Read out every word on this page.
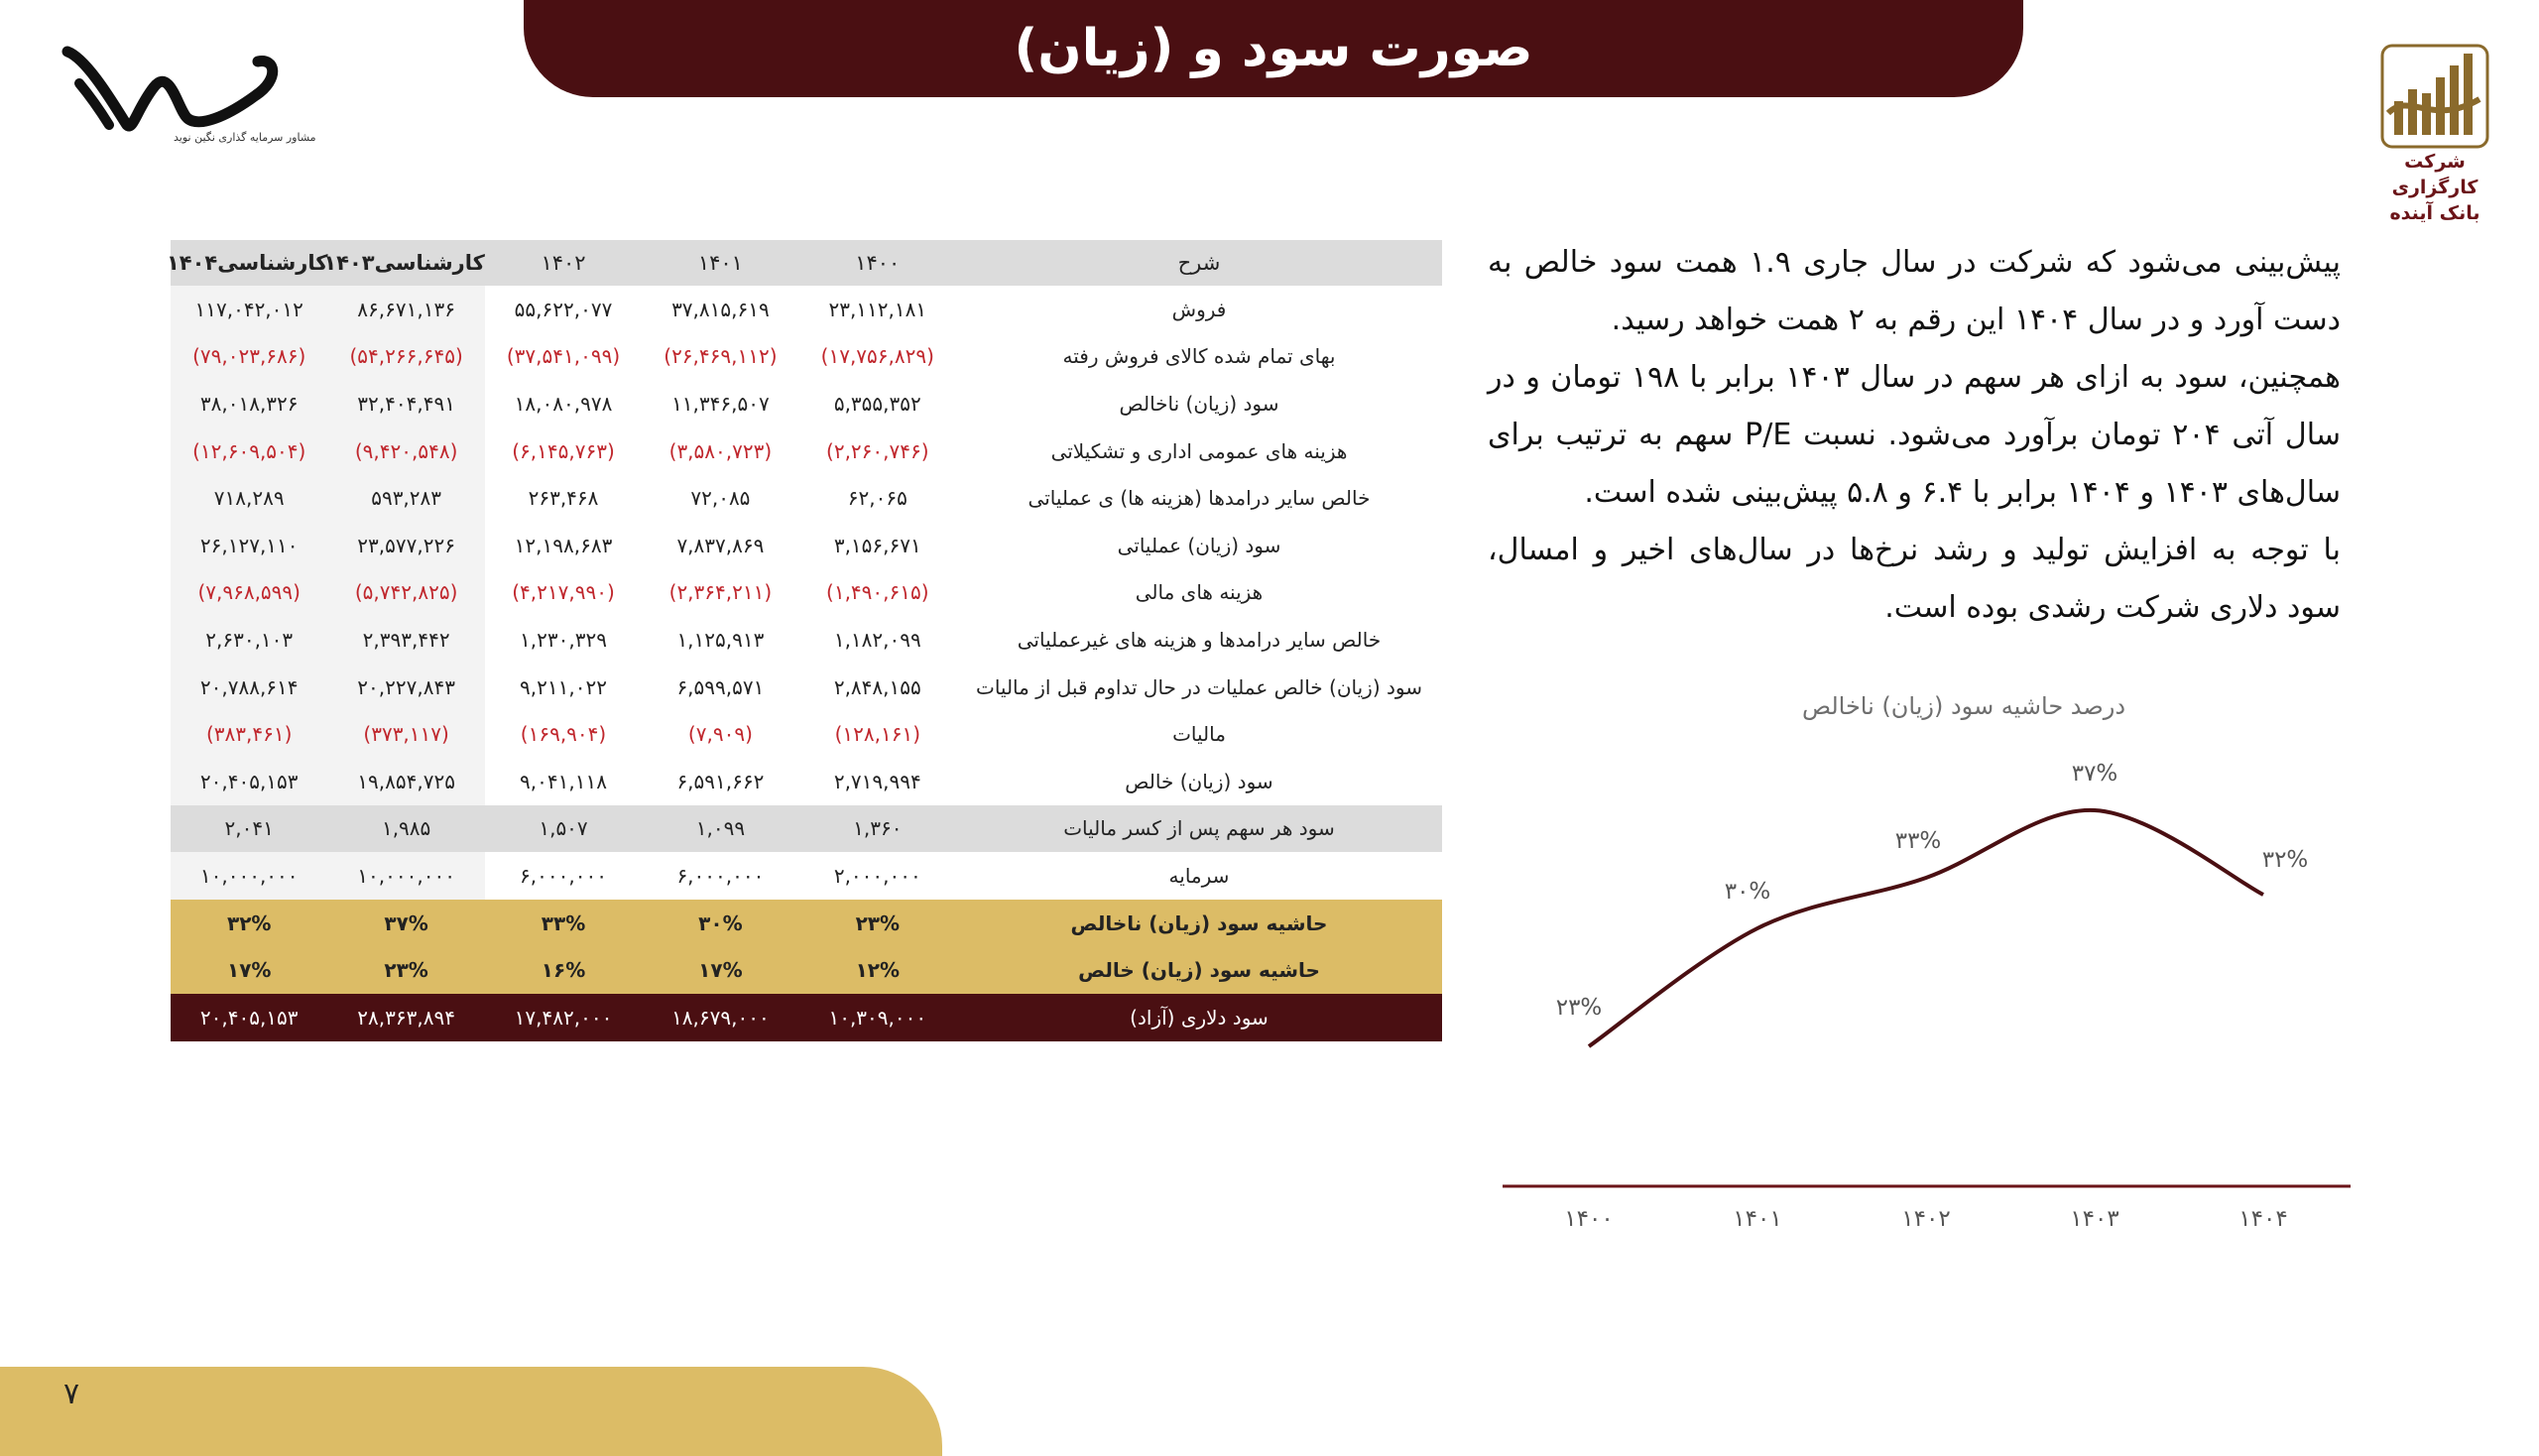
صورت سود و (زیان)
مشاور سرمایه گذاری نگین نوید
شرکت کارگزاری
بانک آینده
شرح	۱۴۰۰	۱۴۰۱	۱۴۰۲	کارشناسی۱۴۰۳	کارشناسی۱۴۰۴
فروش	۲۳,۱۱۲,۱۸۱	۳۷,۸۱۵,۶۱۹	۵۵,۶۲۲,۰۷۷	۸۶,۶۷۱,۱۳۶	۱۱۷,۰۴۲,۰۱۲
بهای تمام شده کالای فروش رفته	(۱۷,۷۵۶,۸۲۹)	(۲۶,۴۶۹,۱۱۲)	(۳۷,۵۴۱,۰۹۹)	(۵۴,۲۶۶,۶۴۵)	(۷۹,۰۲۳,۶۸۶)
سود (زیان) ناخالص	۵,۳۵۵,۳۵۲	۱۱,۳۴۶,۵۰۷	۱۸,۰۸۰,۹۷۸	۳۲,۴۰۴,۴۹۱	۳۸,۰۱۸,۳۲۶
هزینه های عمومی اداری و تشکیلاتی	(۲,۲۶۰,۷۴۶)	(۳,۵۸۰,۷۲۳)	(۶,۱۴۵,۷۶۳)	(۹,۴۲۰,۵۴۸)	(۱۲,۶۰۹,۵۰۴)
خالص سایر درامدها (هزینه ها) ی عملیاتی	۶۲,۰۶۵	۷۲,۰۸۵	۲۶۳,۴۶۸	۵۹۳,۲۸۳	۷۱۸,۲۸۹
سود (زیان) عملیاتی	۳,۱۵۶,۶۷۱	۷,۸۳۷,۸۶۹	۱۲,۱۹۸,۶۸۳	۲۳,۵۷۷,۲۲۶	۲۶,۱۲۷,۱۱۰
هزینه های مالی	(۱,۴۹۰,۶۱۵)	(۲,۳۶۴,۲۱۱)	(۴,۲۱۷,۹۹۰)	(۵,۷۴۲,۸۲۵)	(۷,۹۶۸,۵۹۹)
خالص سایر درامدها و هزینه های غیرعملیاتی	۱,۱۸۲,۰۹۹	۱,۱۲۵,۹۱۳	۱,۲۳۰,۳۲۹	۲,۳۹۳,۴۴۲	۲,۶۳۰,۱۰۳
سود (زیان) خالص عملیات در حال تداوم قبل از مالیات	۲,۸۴۸,۱۵۵	۶,۵۹۹,۵۷۱	۹,۲۱۱,۰۲۲	۲۰,۲۲۷,۸۴۳	۲۰,۷۸۸,۶۱۴
مالیات	(۱۲۸,۱۶۱)	(۷,۹۰۹)	(۱۶۹,۹۰۴)	(۳۷۳,۱۱۷)	(۳۸۳,۴۶۱)
سود (زیان) خالص	۲,۷۱۹,۹۹۴	۶,۵۹۱,۶۶۲	۹,۰۴۱,۱۱۸	۱۹,۸۵۴,۷۲۵	۲۰,۴۰۵,۱۵۳
سود هر سهم پس از کسر مالیات	۱,۳۶۰	۱,۰۹۹	۱,۵۰۷	۱,۹۸۵	۲,۰۴۱
سرمایه	۲,۰۰۰,۰۰۰	۶,۰۰۰,۰۰۰	۶,۰۰۰,۰۰۰	۱۰,۰۰۰,۰۰۰	۱۰,۰۰۰,۰۰۰
حاشیه سود (زیان) ناخالص	۲۳%	۳۰%	۳۳%	۳۷%	۳۲%
حاشیه سود (زیان) خالص	۱۲%	۱۷%	۱۶%	۲۳%	۱۷%
سود دلاری (آزاد)	۱۰,۳۰۹,۰۰۰	۱۸,۶۷۹,۰۰۰	۱۷,۴۸۲,۰۰۰	۲۸,۳۶۳,۸۹۴	۲۰,۴۰۵,۱۵۳

پیش‌بینی می‌شود که شرکت در سال جاری ۱.۹ همت سود خالص به دست آورد و در سال ۱۴۰۴ این رقم به ۲ همت خواهد رسید.

همچنین، سود به ازای هر سهم در سال ۱۴۰۳ برابر با ۱۹۸ تومان و در سال آتی ۲۰۴ تومان برآورد می‌شود. نسبت P/E سهم به ترتیب برای سال‌های ۱۴۰۳ و ۱۴۰۴ برابر با ۶.۴ و ۵.۸ پیش‌بینی شده است.

با توجه به افزایش تولید و رشد نرخ‌ها در سال‌های اخیر و امسال، سود دلاری شرکت رشدی بوده است.

درصد حاشیه سود (زیان) ناخالص
۲۳%
۳۰%
۳۳%
۳۷%
۳۲%
۱۴۰۰	۱۴۰۱	۱۴۰۲	۱۴۰۳	۱۴۰۴
۷
